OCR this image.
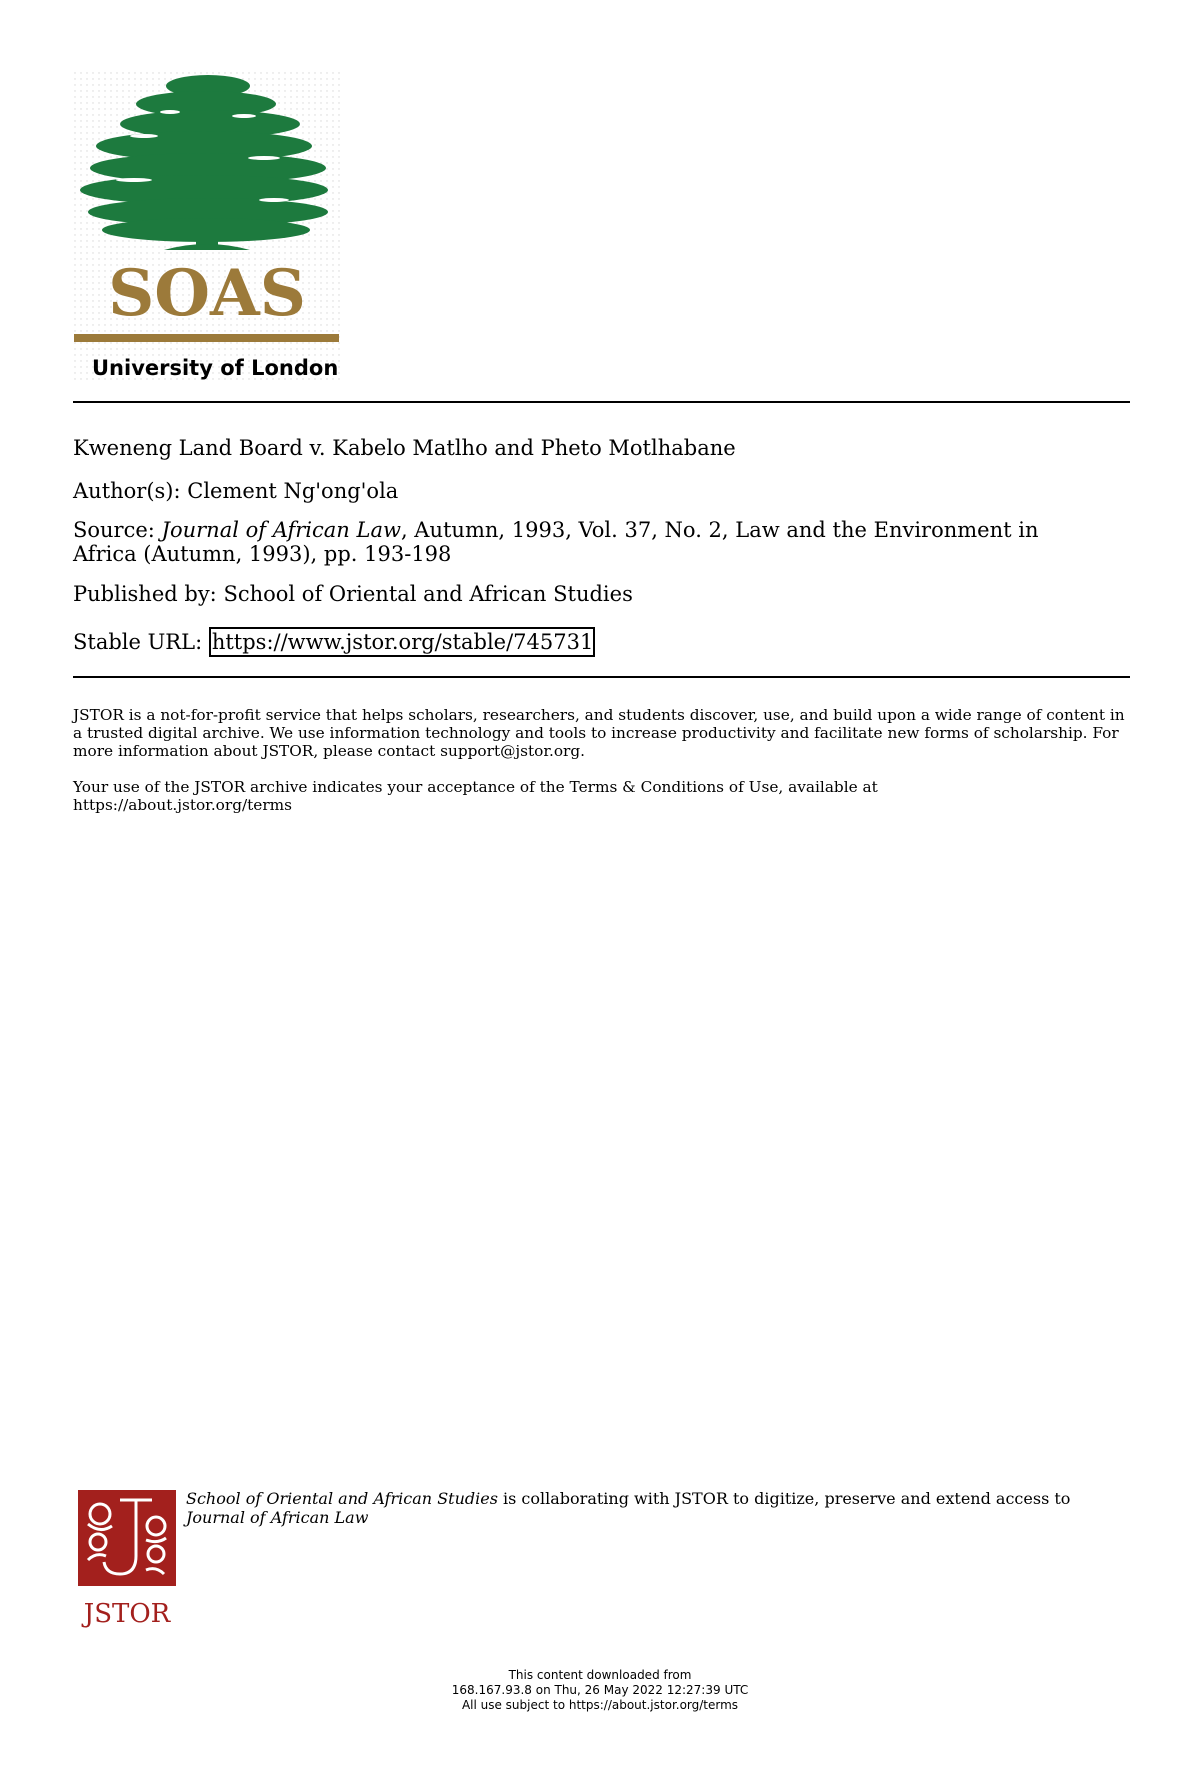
SOAS
University of London
Kweneng Land Board v. Kabelo Matlho and Pheto Motlhabane
Author(s): Clement Ng'ong'ola
Source: Journal of African Law, Autumn, 1993, Vol. 37, No. 2, Law and the Environment in Africa (Autumn, 1993), pp. 193-198
Published by: School of Oriental and African Studies
Stable URL: https://www.jstor.org/stable/745731
JSTOR is a not-for-profit service that helps scholars, researchers, and students discover, use, and build upon a wide range of content in a trusted digital archive. We use information technology and tools to increase productivity and facilitate new forms of scholarship. For more information about JSTOR, please contact support@jstor.org.
Your use of the JSTOR archive indicates your acceptance of the Terms & Conditions of Use, available at
https://about.jstor.org/terms
JSTOR
School of Oriental and African Studies is collaborating with JSTOR to digitize, preserve and extend access to Journal of African Law
This content downloaded from
168.167.93.8 on Thu, 26 May 2022 12:27:39 UTC
All use subject to https://about.jstor.org/terms
